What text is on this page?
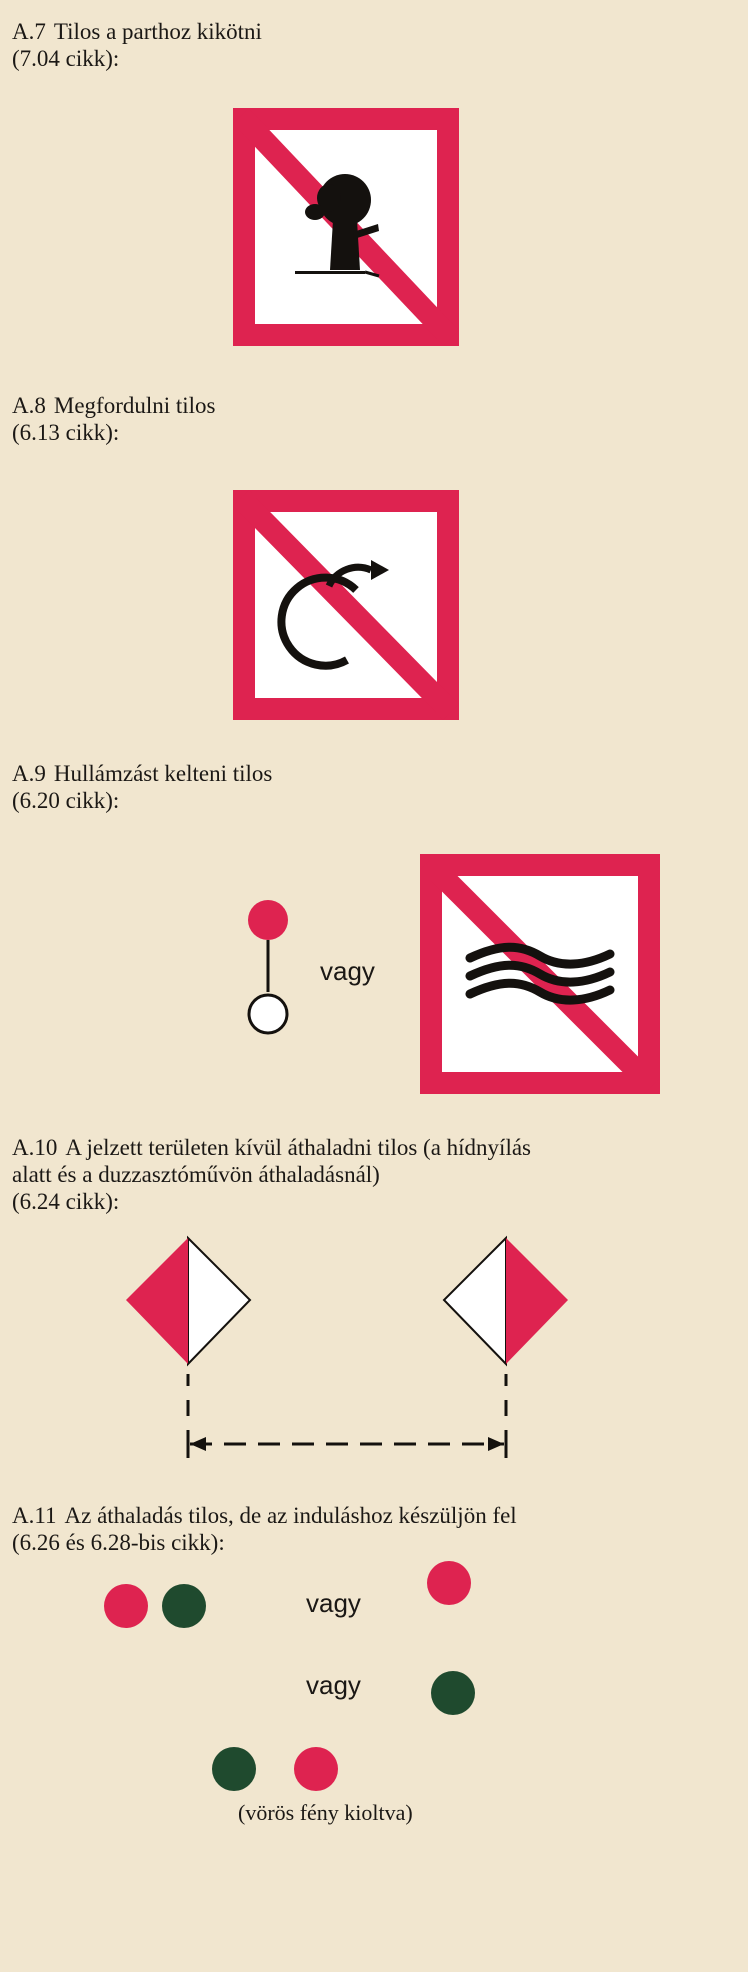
A.7 Tilos a parthoz kikötni
(7.04 cikk):
A.8 Megfordulni tilos
(6.13 cikk):
A.9 Hullámzást kelteni tilos
(6.20 cikk):
vagy
A.10 A jelzett területen kívül áthaladni tilos (a hídnyílás
alatt és a duzzasztóművön áthaladásnál)
(6.24 cikk):
A.11 Az áthaladás tilos, de az induláshoz készüljön fel
(6.26 és 6.28-bis cikk):
vagy
vagy
(vörös fény kioltva)
